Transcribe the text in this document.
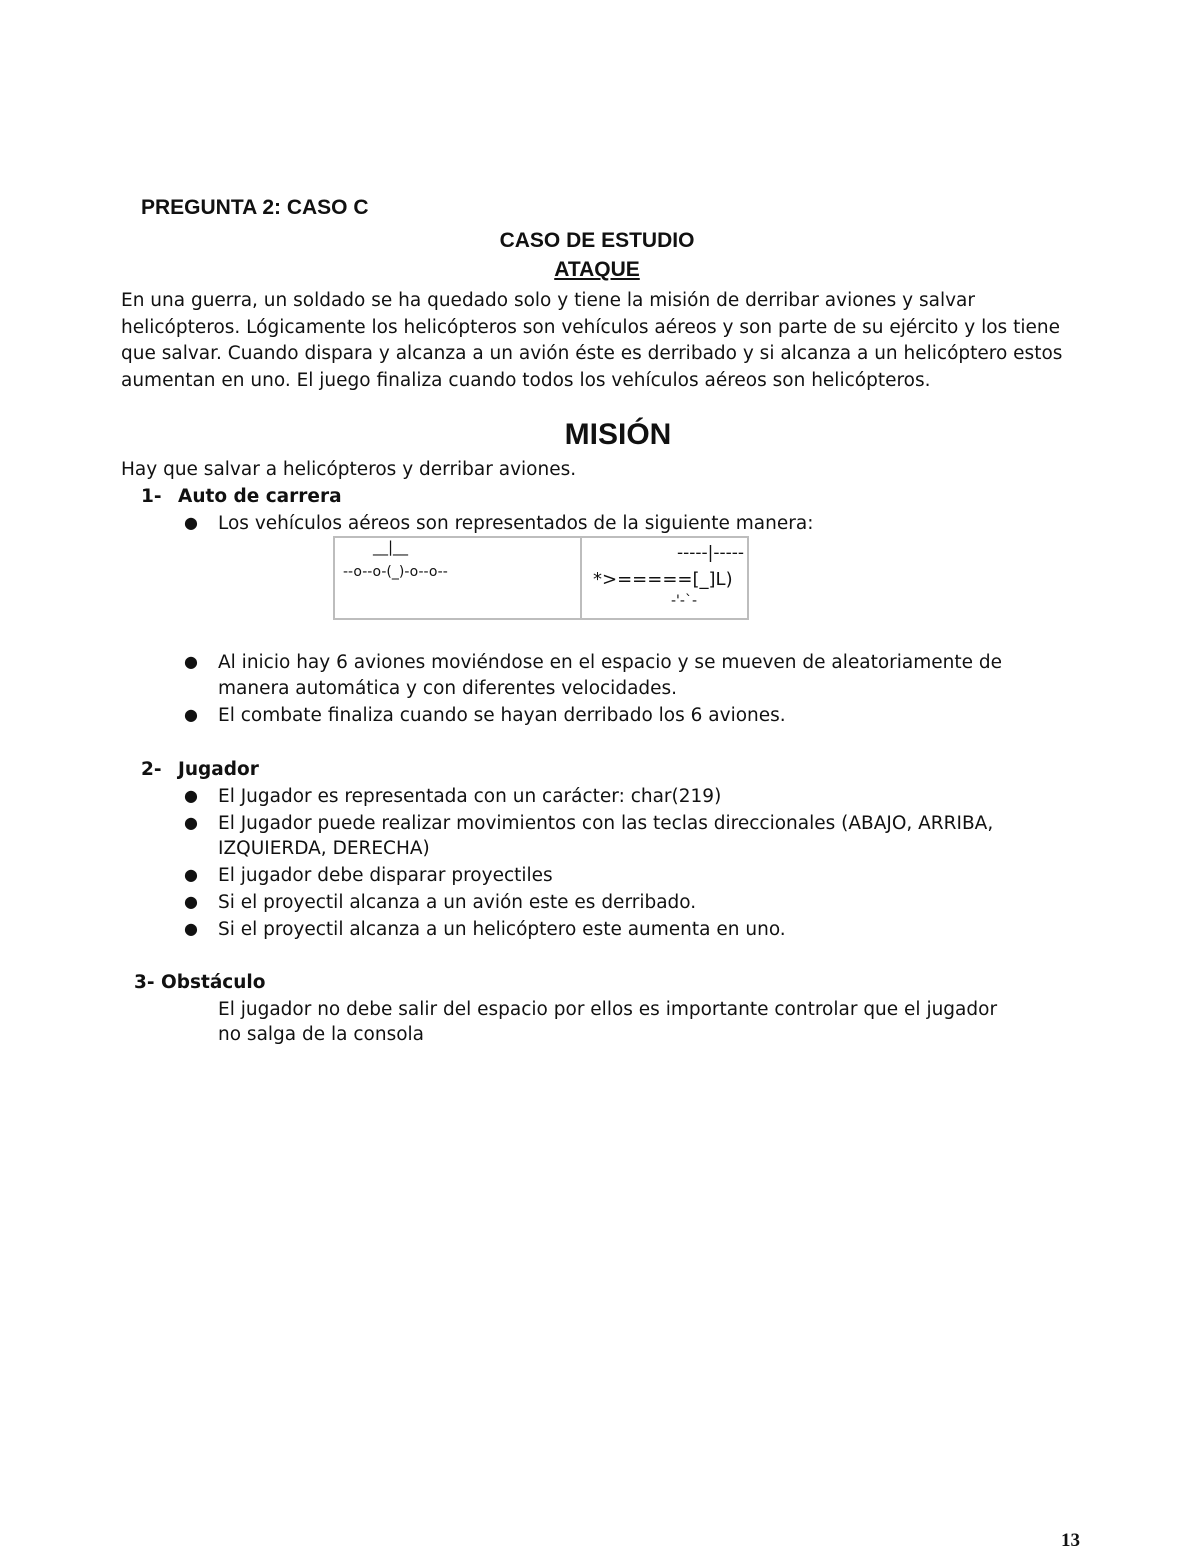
PREGUNTA 2: CASO C
CASO DE ESTUDIO
ATAQUE
En una guerra, un soldado se ha quedado solo y tiene la misión de derribar aviones y salvar helicópteros. Lógicamente los helicópteros son vehículos aéreos y son parte de su ejército y los tiene que salvar. Cuando dispara y alcanza a un avión éste es derribado y si alcanza a un helicóptero estos aumentan en uno. El juego finaliza cuando todos los vehículos aéreos son helicópteros.
MISIÓN
Hay que salvar a helicópteros y derribar aviones.
1- Auto de carrera
● Los vehículos aéreos son representados de la siguiente manera:
__|__
--o--o-(_)-o--o--
-----|-----
*>=====[_]L)
-'-`-
● Al inicio hay 6 aviones moviéndose en el espacio y se mueven de aleatoriamente de
manera automática y con diferentes velocidades.
● El combate finaliza cuando se hayan derribado los 6 aviones.
2- Jugador
● El Jugador es representada con un carácter: char(219)
● El Jugador puede realizar movimientos con las teclas direccionales (ABAJO, ARRIBA,
IZQUIERDA, DERECHA)
● El jugador debe disparar proyectiles
● Si el proyectil alcanza a un avión este es derribado.
● Si el proyectil alcanza a un helicóptero este aumenta en uno.
3- Obstáculo
El jugador no debe salir del espacio por ellos es importante controlar que el jugador
no salga de la consola
13
